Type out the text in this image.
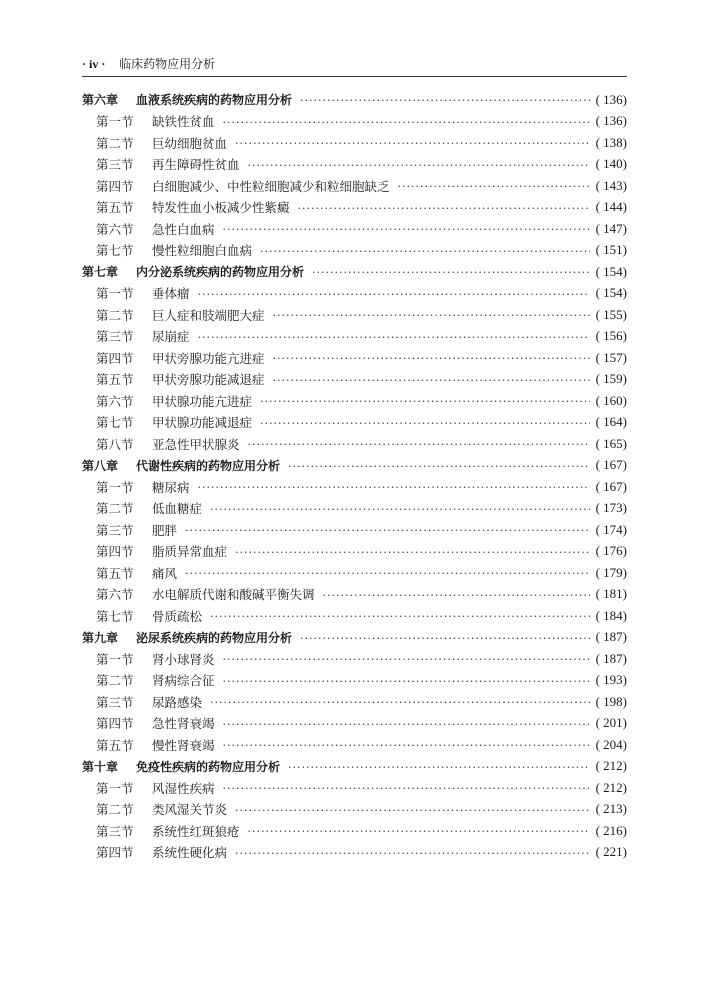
· iv · 临床药物应用分析
第六章	血液系统疾病的药物应用分析 ·····	( 136)
第一节	缺铁性贫血 ·····	( 136)
第二节	巨幼细胞贫血 ·····	( 138)
第三节	再生障碍性贫血 ·····	( 140)
第四节	白细胞减少、中性粒细胞减少和粒细胞缺乏 ·····	( 143)
第五节	特发性血小板减少性紫癜 ·····	( 144)
第六节	急性白血病 ·····	( 147)
第七节	慢性粒细胞白血病 ·····	( 151)
第七章	内分泌系统疾病的药物应用分析 ·····	( 154)
第一节	垂体瘤 ·····	( 154)
第二节	巨人症和肢端肥大症 ·····	( 155)
第三节	尿崩症 ·····	( 156)
第四节	甲状旁腺功能亢进症 ·····	( 157)
第五节	甲状旁腺功能减退症 ·····	( 159)
第六节	甲状腺功能亢进症 ·····	( 160)
第七节	甲状腺功能减退症 ·····	( 164)
第八节	亚急性甲状腺炎 ·····	( 165)
第八章	代谢性疾病的药物应用分析 ·····	( 167)
第一节	糖尿病 ·····	( 167)
第二节	低血糖症 ·····	( 173)
第三节	肥胖 ·····	( 174)
第四节	脂质异常血症 ·····	( 176)
第五节	痛风 ·····	( 179)
第六节	水电解质代谢和酸碱平衡失调 ·····	( 181)
第七节	骨质疏松 ·····	( 184)
第九章	泌尿系统疾病的药物应用分析 ·····	( 187)
第一节	肾小球肾炎 ·····	( 187)
第二节	肾病综合征 ·····	( 193)
第三节	尿路感染 ·····	( 198)
第四节	急性肾衰竭 ·····	( 201)
第五节	慢性肾衰竭 ·····	( 204)
第十章	免疫性疾病的药物应用分析 ·····	( 212)
第一节	风湿性疾病 ·····	( 212)
第二节	类风湿关节炎 ·····	( 213)
第三节	系统性红斑狼疮 ·····	( 216)
第四节	系统性硬化病 ·····	( 221)
